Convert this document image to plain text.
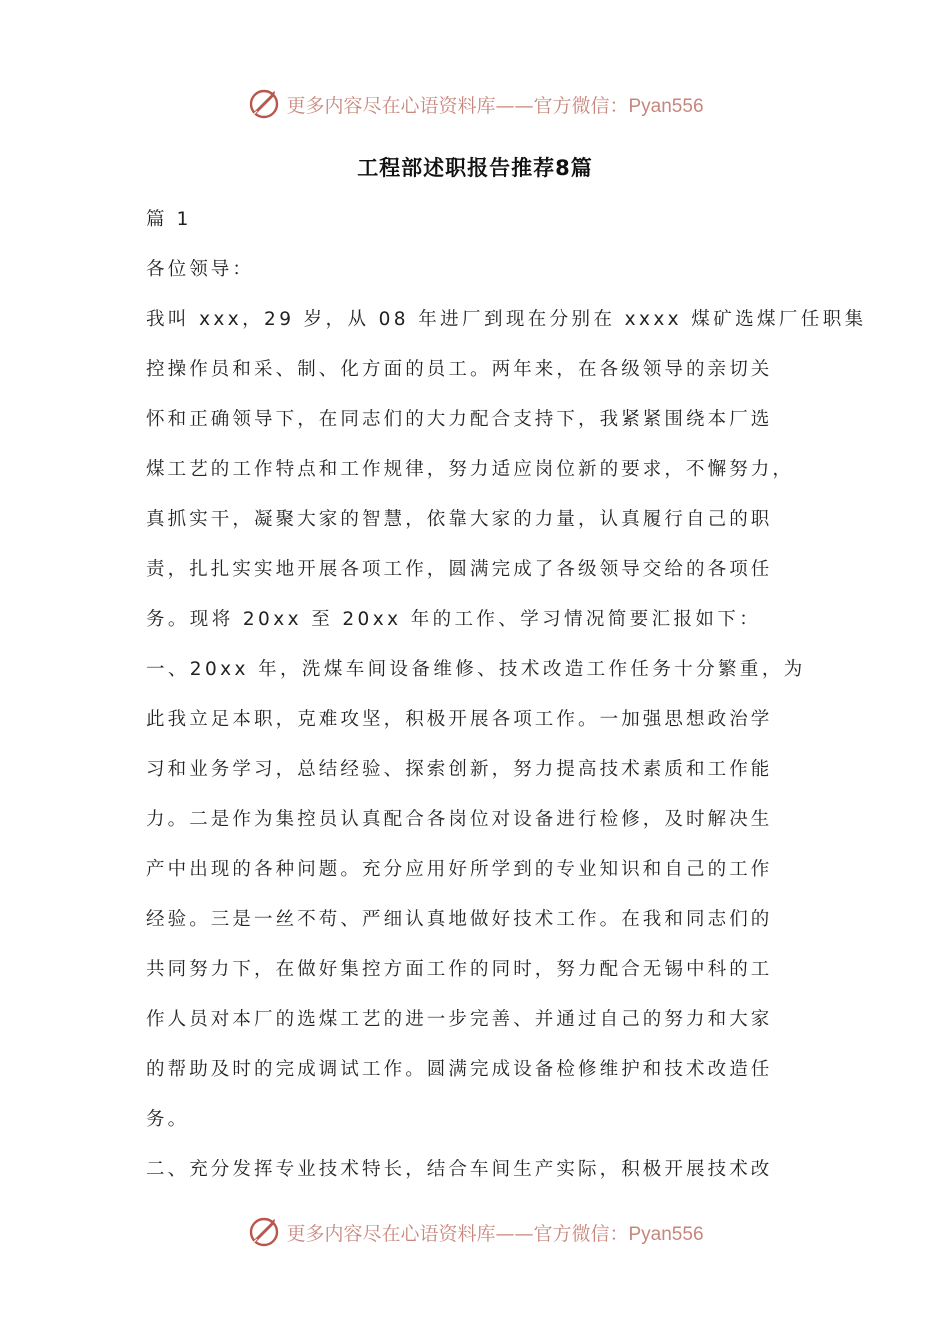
更多内容尽在心语资料库——官方微信：Pyan556
工程部述职报告推荐8篇
篇 1
各位领导：
我叫 xxx，29 岁，从 08 年进厂到现在分别在 xxxx 煤矿选煤厂任职集
控操作员和采、制、化方面的员工。两年来，在各级领导的亲切关
怀和正确领导下，在同志们的大力配合支持下，我紧紧围绕本厂选
煤工艺的工作特点和工作规律，努力适应岗位新的要求，不懈努力，
真抓实干，凝聚大家的智慧，依靠大家的力量，认真履行自己的职
责，扎扎实实地开展各项工作，圆满完成了各级领导交给的各项任
务。现将 20xx 至 20xx 年的工作、学习情况简要汇报如下：
一、20xx 年，洗煤车间设备维修、技术改造工作任务十分繁重，为
此我立足本职，克难攻坚，积极开展各项工作。一加强思想政治学
习和业务学习，总结经验、探索创新，努力提高技术素质和工作能
力。二是作为集控员认真配合各岗位对设备进行检修，及时解决生
产中出现的各种问题。充分应用好所学到的专业知识和自己的工作
经验。三是一丝不苟、严细认真地做好技术工作。在我和同志们的
共同努力下，在做好集控方面工作的同时，努力配合无锡中科的工
作人员对本厂的选煤工艺的进一步完善、并通过自己的努力和大家
的帮助及时的完成调试工作。圆满完成设备检修维护和技术改造任
务。
二、充分发挥专业技术特长，结合车间生产实际，积极开展技术改
更多内容尽在心语资料库——官方微信：Pyan556
